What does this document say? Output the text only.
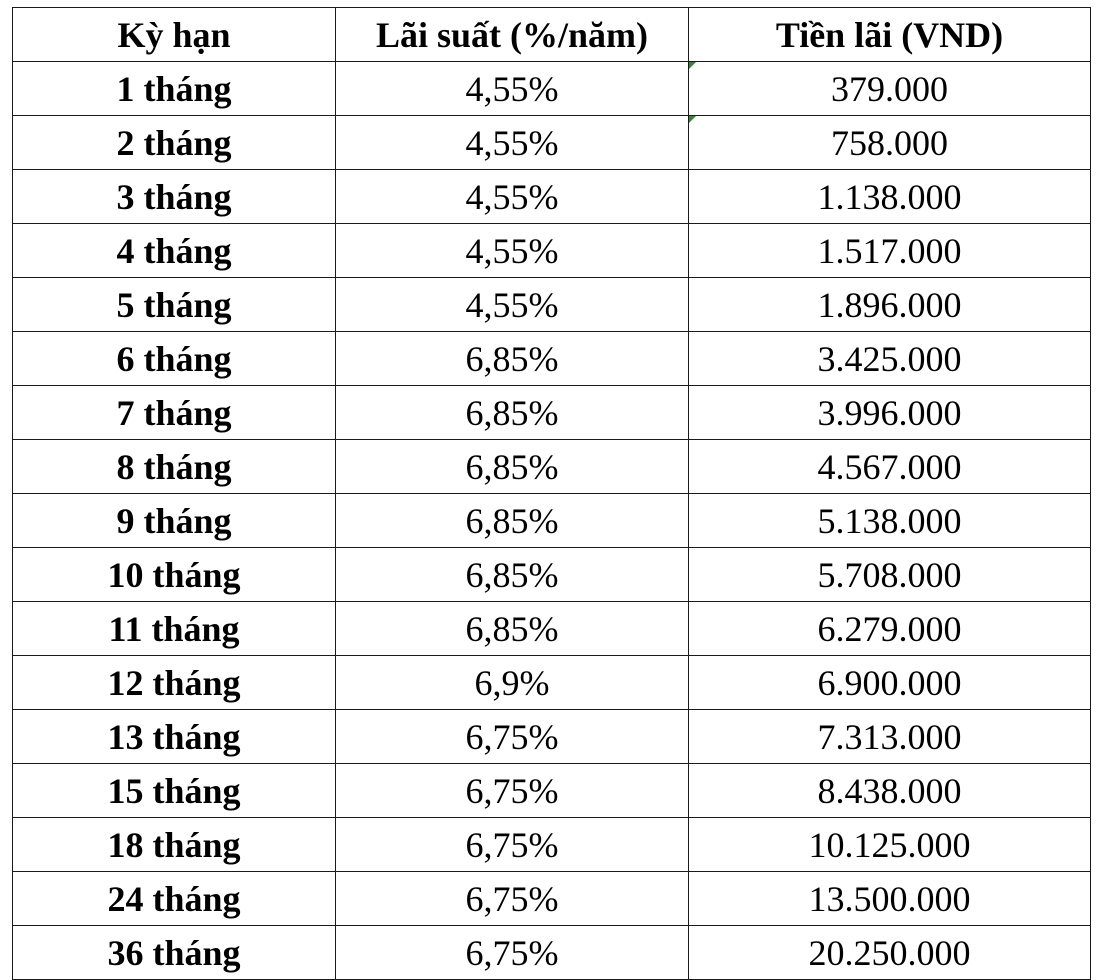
Kỳ hạn	Lãi suất (%/năm)	Tiền lãi (VND)
1 tháng	4,55%	379.000

2 tháng	4,55%	758.000

3 tháng	4,55%	1.138.000
4 tháng	4,55%	1.517.000
5 tháng	4,55%	1.896.000
6 tháng	6,85%	3.425.000
7 tháng	6,85%	3.996.000
8 tháng	6,85%	4.567.000
9 tháng	6,85%	5.138.000
10 tháng	6,85%	5.708.000
11 tháng	6,85%	6.279.000
12 tháng	6,9%	6.900.000
13 tháng	6,75%	7.313.000
15 tháng	6,75%	8.438.000
18 tháng	6,75%	10.125.000
24 tháng	6,75%	13.500.000
36 tháng	6,75%	20.250.000
